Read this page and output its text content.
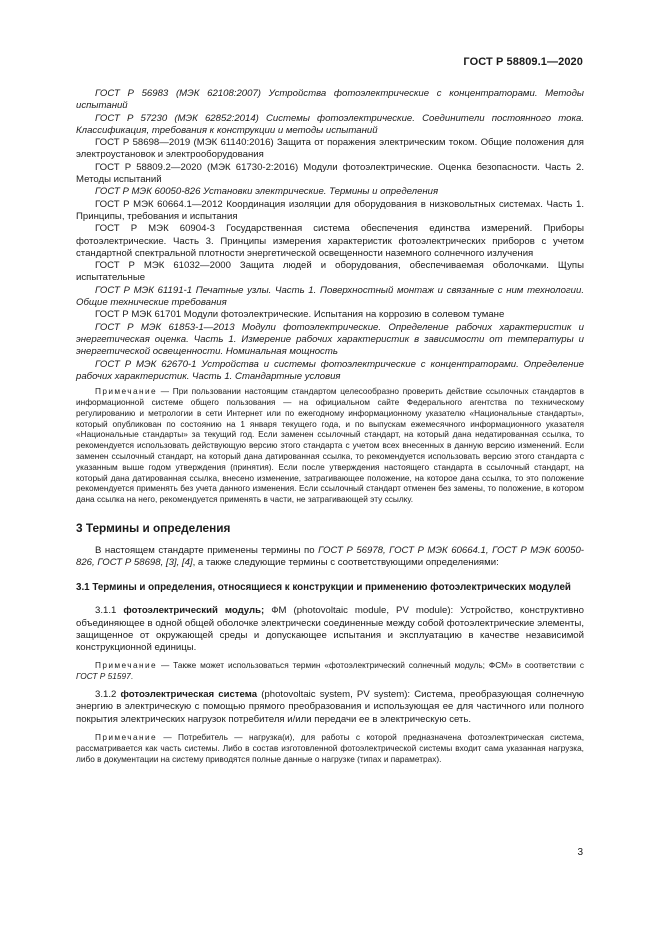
ГОСТ Р 58809.1—2020

ГОСТ Р 56983 (МЭК 62108:2007) Устройства фотоэлектрические с концентраторами. Методы испытаний

ГОСТ Р 57230 (МЭК 62852:2014) Системы фотоэлектрические. Соединители постоянного тока. Классификация, требования к конструкции и методы испытаний

ГОСТ Р 58698—2019 (МЭК 61140:2016) Защита от поражения электрическим током. Общие положения для электроустановок и электрооборудования

ГОСТ Р 58809.2—2020 (МЭК 61730-2:2016) Модули фотоэлектрические. Оценка безопасности. Часть 2. Методы испытаний

ГОСТ Р МЭК 60050-826 Установки электрические. Термины и определения

ГОСТ Р МЭК 60664.1—2012 Координация изоляции для оборудования в низковольтных системах. Часть 1. Принципы, требования и испытания

ГОСТ Р МЭК 60904-3 Государственная система обеспечения единства измерений. Приборы фотоэлектрические. Часть 3. Принципы измерения характеристик фотоэлектрических приборов с учетом стандартной спектральной плотности энергетической освещенности наземного солнечного излучения

ГОСТ Р МЭК 61032—2000 Защита людей и оборудования, обеспечиваемая оболочками. Щупы испытательные

ГОСТ Р МЭК 61191-1 Печатные узлы. Часть 1. Поверхностный монтаж и связанные с ним технологии. Общие технические требования

ГОСТ Р МЭК 61701 Модули фотоэлектрические. Испытания на коррозию в солевом тумане

ГОСТ Р МЭК 61853-1—2013 Модули фотоэлектрические. Определение рабочих характеристик и энергетическая оценка. Часть 1. Измерение рабочих характеристик в зависимости от температуры и энергетической освещенности. Номинальная мощность

ГОСТ Р МЭК 62670-1 Устройства и системы фотоэлектрические с концентраторами. Определение рабочих характеристик. Часть 1. Стандартные условия

Примечание — При пользовании настоящим стандартом целесообразно проверить действие ссылочных стандартов в информационной системе общего пользования — на официальном сайте Федерального агентства по техническому регулированию и метрологии в сети Интернет или по ежегодному информационному указателю «Национальные стандарты», который опубликован по состоянию на 1 января текущего года, и по выпускам ежемесячного информационного указателя «Национальные стандарты» за текущий год. Если заменен ссылочный стандарт, на который дана недатированная ссылка, то рекомендуется использовать действующую версию этого стандарта с учетом всех внесенных в данную версию изменений. Если заменен ссылочный стандарт, на который дана датированная ссылка, то рекомендуется использовать версию этого стандарта с указанным выше годом утверждения (принятия). Если после утверждения настоящего стандарта в ссылочный стандарт, на который дана датированная ссылка, внесено изменение, затрагивающее положение, на которое дана ссылка, то это положение рекомендуется применять без учета данного изменения. Если ссылочный стандарт отменен без замены, то положение, в котором дана ссылка на него, рекомендуется применять в части, не затрагивающей эту ссылку.

3 Термины и определения

В настоящем стандарте применены термины по ГОСТ Р 56978, ГОСТ Р МЭК 60664.1, ГОСТ Р МЭК 60050-826, ГОСТ Р 58698, [3], [4], а также следующие термины с соответствующими определениями:

3.1 Термины и определения, относящиеся к конструкции и применению фотоэлектрических модулей

3.1.1 фотоэлектрический модуль; ФМ (photovoltaic module, PV module): Устройство, конструктивно объединяющее в одной общей оболочке электрически соединенные между собой фотоэлектрические элементы, защищенное от окружающей среды и допускающее испытания и эксплуатацию в качестве независимой конструкционной единицы.

Примечание — Также может использоваться термин «фотоэлектрический солнечный модуль; ФСМ» в соответствии с ГОСТ Р 51597.

3.1.2 фотоэлектрическая система (photovoltaic system, PV system): Система, преобразующая солнечную энергию в электрическую с помощью прямого преобразования и использующая ее для частичного или полного покрытия электрических нагрузок потребителя и/или передачи ее в электрическую сеть.

Примечание — Потребитель — нагрузка(и), для работы с которой предназначена фотоэлектрическая система, рассматривается как часть системы. Либо в состав изготовленной фотоэлектрической системы входит сама указанная нагрузка, либо в документации на систему приводятся полные данные о нагрузке (типах и параметрах).

3
